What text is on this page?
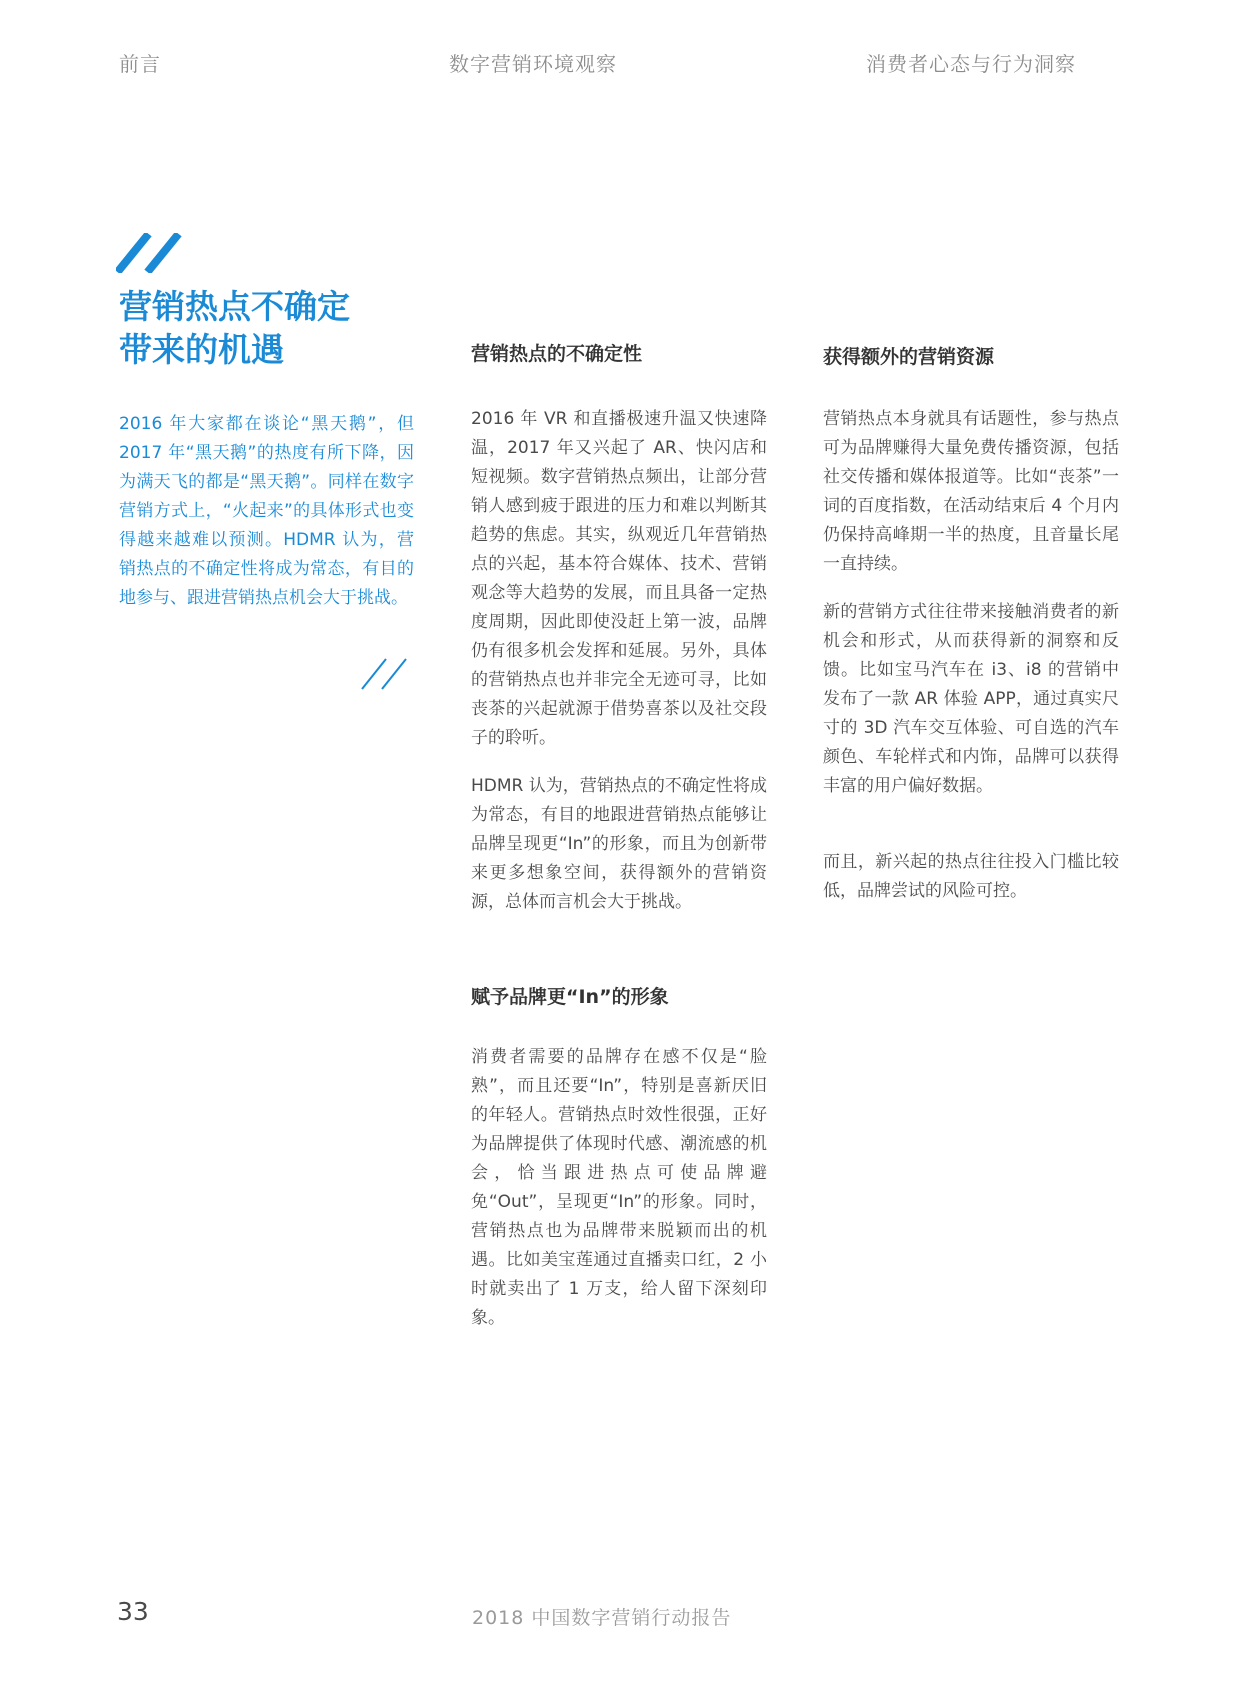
前言	数字营销环境观察	消费者心态与行为洞察
营销热点不确定
带来的机遇

2016 年大家都在谈论“黑天鹅”，但 2017 年“黑天鹅”的热度有所下降，因为满天飞的都是“黑天鹅”。同样在数字营销方式上，“火起来”的具体形式也变得越来越难以预测。HDMR 认为，营销热点的不确定性将成为常态，有目的地参与、跟进营销热点机会大于挑战。

营销热点的不确定性

2016 年 VR 和直播极速升温又快速降温，2017 年又兴起了 AR、快闪店和短视频。数字营销热点频出，让部分营销人感到疲于跟进的压力和难以判断其趋势的焦虑。其实，纵观近几年营销热点的兴起，基本符合媒体、技术、营销观念等大趋势的发展，而且具备一定热度周期，因此即使没赶上第一波，品牌仍有很多机会发挥和延展。另外，具体的营销热点也并非完全无迹可寻，比如丧茶的兴起就源于借势喜茶以及社交段子的聆听。

HDMR 认为，营销热点的不确定性将成为常态，有目的地跟进营销热点能够让品牌呈现更“In”的形象，而且为创新带来更多想象空间，获得额外的营销资源，总体而言机会大于挑战。

赋予品牌更“In”的形象

消费者需要的品牌存在感不仅是“脸熟”，而且还要“In”，特别是喜新厌旧的年轻人。营销热点时效性很强，正好为品牌提供了体现时代感、潮流感的机会，恰当跟进热点可使品牌避免“Out”，呈现更“In”的形象。同时，营销热点也为品牌带来脱颖而出的机遇。比如美宝莲通过直播卖口红，2 小时就卖出了 1 万支，给人留下深刻印象。

获得额外的营销资源

营销热点本身就具有话题性，参与热点可为品牌赚得大量免费传播资源，包括社交传播和媒体报道等。比如“丧茶”一词的百度指数，在活动结束后 4 个月内仍保持高峰期一半的热度，且音量长尾一直持续。

新的营销方式往往带来接触消费者的新机会和形式，从而获得新的洞察和反馈。比如宝马汽车在 i3、i8 的营销中发布了一款 AR 体验 APP，通过真实尺寸的 3D 汽车交互体验、可自选的汽车颜色、车轮样式和内饰，品牌可以获得丰富的用户偏好数据。

而且，新兴起的热点往往投入门槛比较低，品牌尝试的风险可控。

33	2018 中国数字营销行动报告
